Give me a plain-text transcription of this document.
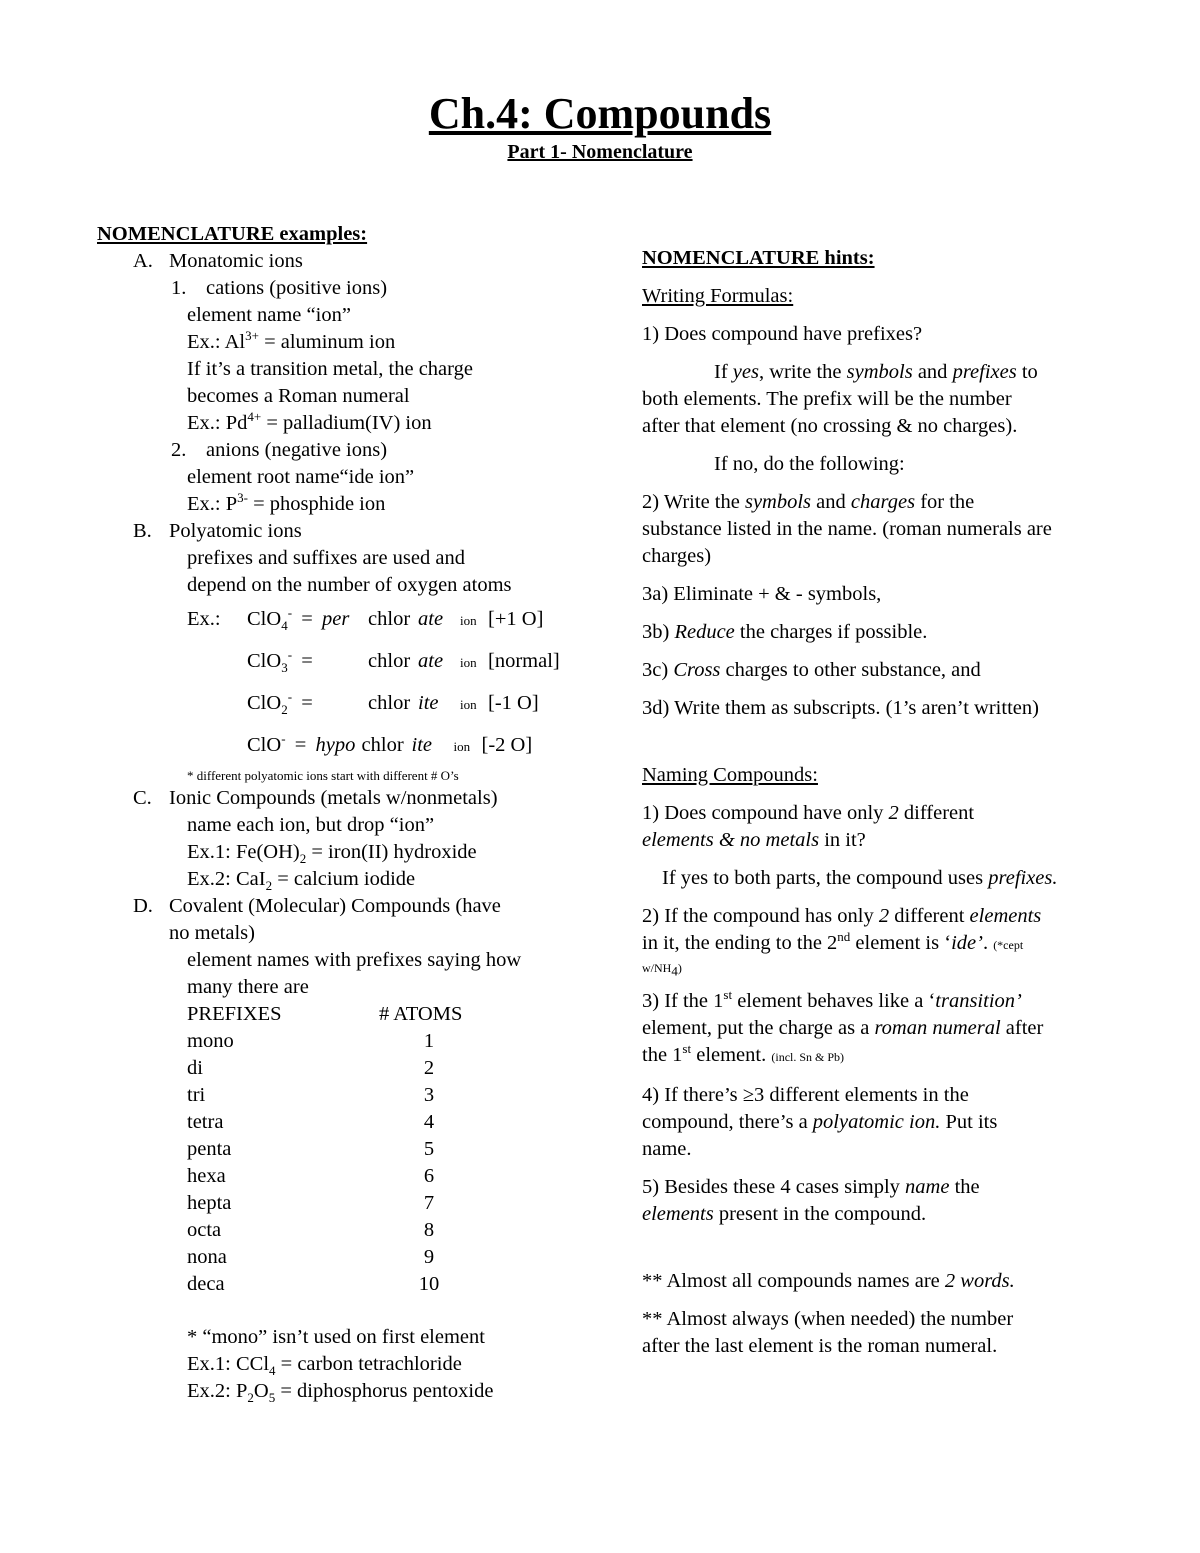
Ch.4: Compounds
Part 1- Nomenclature
NOMENCLATURE examples:
A. Monatomic ions
1. cations (positive ions)
element name “ion”
Ex.: $Al^{3+}$ = aluminum ion
If it’s a transition metal, the charge
becomes a Roman numeral
Ex.: $Pd^{4+}$ = palladium(IV) ion
2. anions (negative ions)
element root name“ide ion”
Ex.: $P^{3-}$ = phosphide ion
B. Polyatomic ions
prefixes and suffixes are used and
depend on the number of oxygen atoms
Ex.: ClO$_4$- = per chlor ate ion [+1 O]
ClO$_3$- =	chlor ate ion [normal]
ClO$_2$- =	chlor ite ion [-1 O]
ClO- = hypo chlor ite ion [-2 O]
* different polyatomic ions start with different # O’s
C. Ionic Compounds (metals w/nonmetals)
name each ion, but drop “ion”
Ex.1: $Fe(OH)_2$ = iron(II) hydroxide
Ex.2: CaI$_2$ = calcium iodide
D. Covalent (Molecular) Compounds (have
no metals)
element names with prefixes saying how
many there are
PREFIXES	# ATOMS
mono	1
di	2
tri	3
tetra	4
penta	5
hexa	6
hepta	7
octa	8
nona	9
deca	10
* “mono” isn’t used on first element
Ex.1: CCl$_4$ = carbon tetrachloride
Ex.2: $P_2O_5$ = diphosphorus pentoxide
NOMENCLATURE hints:
Writing Formulas:
1) Does compound have prefixes?
If yes, write the symbols and prefixes to
both elements. The prefix will be the number
after that element (no crossing & no charges).
If no, do the following:
2) Write the symbols and charges for the
substance listed in the name. (roman numerals are
charges)
3a) Eliminate + & - symbols,
3b) Reduce the charges if possible.
3c) Cross charges to other substance, and
3d) Write them as subscripts. (1’s aren’t written)
Naming Compounds:
1) Does compound have only 2 different
elements & no metals in it?
If yes to both parts, the compound uses prefixes.
2) If the compound has only 2 different elements
in it, the ending to the 2nd element is ‘ide’. (*cept
$w/NH_4$)
3) If the 1st element behaves like a ‘transition’
element, put the charge as a roman numeral after
the 1st element. (incl. Sn & Pb)
4) If there’s ≥3 different elements in the
compound, there’s a polyatomic ion. Put its
name.
5) Besides these 4 cases simply name the
elements present in the compound.
** Almost all compounds names are 2 words.
** Almost always (when needed) the number
after the last element is the roman numeral.
